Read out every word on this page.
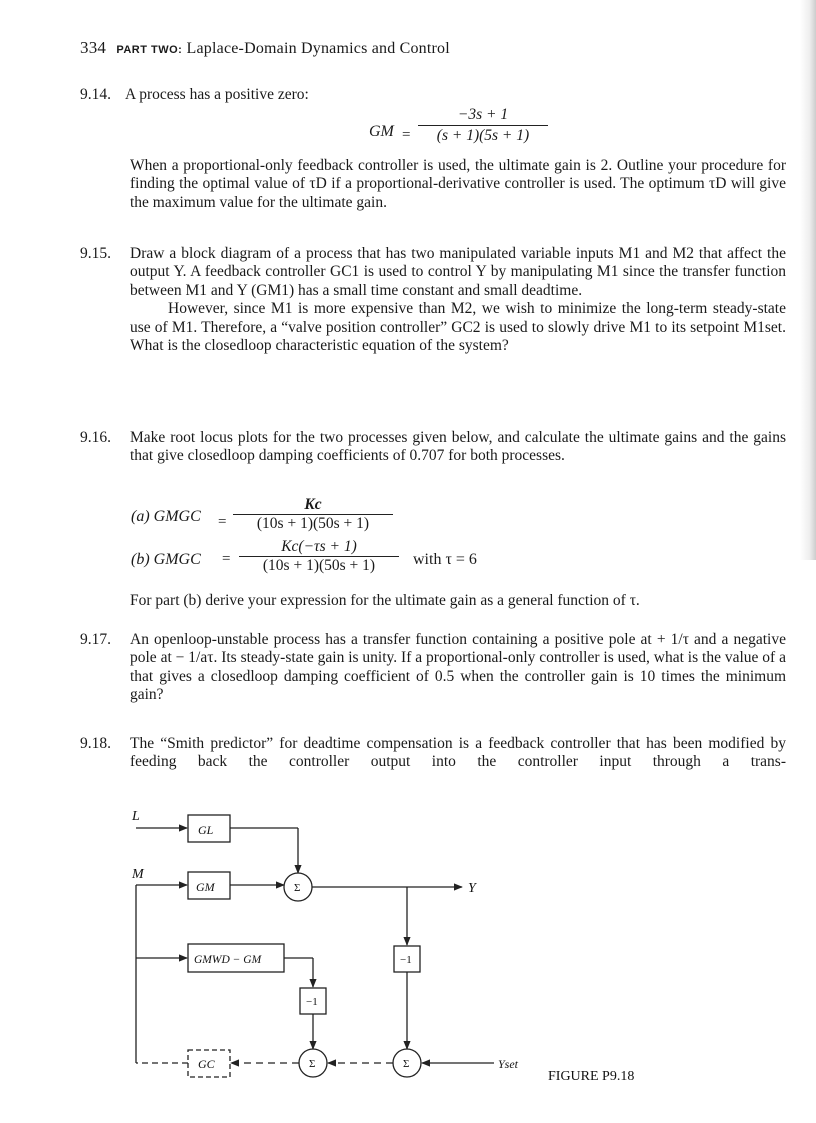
334 PART TWO: Laplace-Domain Dynamics and Control
9.14. A process has a positive zero:
GM = $\frac{-3s + 1}{(s + 1)(5s + 1)}$

When a proportional-only feedback controller is used, the ultimate gain is 2. Outline your procedure for finding the optimal value of τD if a proportional-derivative controller is used. The optimum τD will give the maximum value for the ultimate gain.

9.15. Draw a block diagram of a process that has two manipulated variable inputs M1 and M2 that affect the output Y. A feedback controller GC1 is used to control Y by manipulating M1 since the transfer function between M1 and Y (GM1) has a small time constant and small deadtime.

However, since M1 is more expensive than M2, we wish to minimize the long-term steady-state use of M1. Therefore, a “valve position controller” GC2 is used to slowly drive M1 to its setpoint M1set. What is the closedloop characteristic equation of the system?

9.16. Make root locus plots for the two processes given below, and calculate the ultimate gains and the gains that give closedloop damping coefficients of 0.707 for both processes.

(a) GMGC = $\frac{Kc}{(10s + 1)(50s + 1)}$
(b) GMGC = $\frac{Kc(-\tau s + 1)}{(10s + 1)(50s + 1)}$ with τ = 6

For part (b) derive your expression for the ultimate gain as a general function of τ.

9.17. An openloop-unstable process has a transfer function containing a positive pole at + 1/τ and a negative pole at − 1/aτ. Its steady-state gain is unity. If a proportional-only controller is used, what is the value of a that gives a closedloop damping coefficient of 0.5 when the controller gain is 10 times the minimum gain?

9.18. The “Smith predictor” for deadtime compensation is a feedback controller that has been modified by feeding back the controller output into the controller input through a trans-

L
M
Y
Yset
GL
GM
GMWD − GM
−1
−1
GC
Σ
Σ	Σ
FIGURE P9.18
